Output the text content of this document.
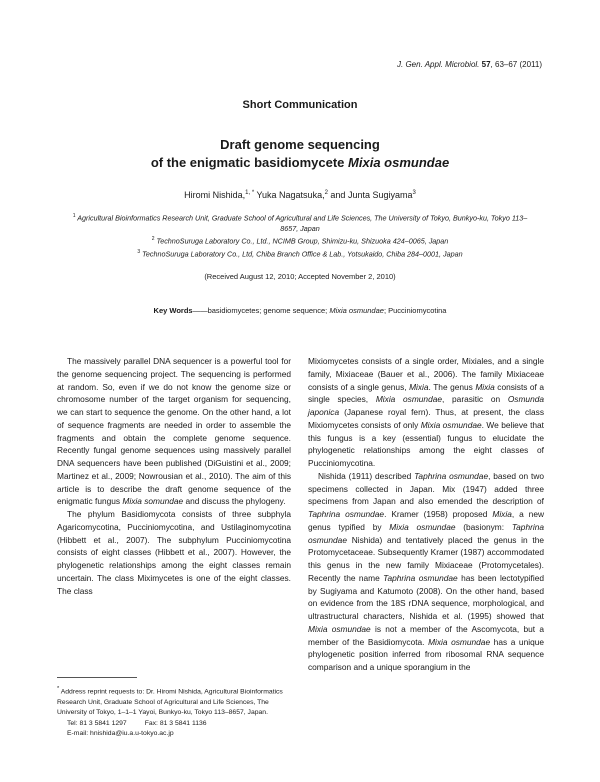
J. Gen. Appl. Microbiol. 57, 63–67 (2011)
Short Communication
Draft genome sequencing
of the enigmatic basidiomycete Mixia osmundae
Hiromi Nishida,$^{1, *}$ Yuka Nagatsuka,$^2$ and Junta Sugiyama$^3$
$^1$ Agricultural Bioinformatics Research Unit, Graduate School of Agricultural and Life Sciences, The University of Tokyo, Bunkyo-ku, Tokyo 113–8657, Japan
$^2$ TechnoSuruga Laboratory Co., Ltd., NCIMB Group, Shimizu-ku, Shizuoka 424–0065, Japan
$^3$ TechnoSuruga Laboratory Co., Ltd, Chiba Branch Office & Lab., Yotsukaido, Chiba 284–0001, Japan
(Received August 12, 2010; Accepted November 2, 2010)
Key Words——basidiomycetes; genome sequence; Mixia osmundae; Pucciniomycotina

The massively parallel DNA sequencer is a powerful tool for the genome sequencing project. The sequencing is performed at random. So, even if we do not know the genome size or chromosome number of the target organism for sequencing, we can start to sequence the genome. On the other hand, a lot of sequence fragments are needed in order to assemble the fragments and obtain the complete genome sequence. Recently fungal genome sequences using massively parallel DNA sequencers have been published (DiGuistini et al., 2009; Martinez et al., 2009; Nowrousian et al., 2010). The aim of this article is to describe the draft genome sequence of the enigmatic fungus Mixia somundae and discuss the phylogeny.

The phylum Basidiomycota consists of three subphyla Agaricomycotina, Pucciniomycotina, and Ustilaginomycotina (Hibbett et al., 2007). The subphylum Pucciniomycotina consists of eight classes (Hibbett et al., 2007). However, the phylogenetic relationships among the eight classes remain uncertain. The class Miximycetes is one of the eight classes. The class

Mixiomycetes consists of a single order, Mixiales, and a single family, Mixiaceae (Bauer et al., 2006). The family Mixiaceae consists of a single genus, Mixia. The genus Mixia consists of a single species, Mixia osmundae, parasitic on Osmunda japonica (Japanese royal fern). Thus, at present, the class Mixiomycetes consists of only Mixia osmundae. We believe that this fungus is a key (essential) fungus to elucidate the phylogenetic relationships among the eight classes of Pucciniomycotina.

Nishida (1911) described Taphrina osmundae, based on two specimens collected in Japan. Mix (1947) added three specimens from Japan and also emended the description of Taphrina osmundae. Kramer (1958) proposed Mixia, a new genus typified by Mixia osmundae (basionym: Taphrina osmundae Nishida) and tentatively placed the genus in the Protomycetaceae. Subsequently Kramer (1987) accommodated this genus in the new family Mixiaceae (Protomycetales). Recently the name Taphrina osmundae has been lectotypified by Sugiyama and Katumoto (2008). On the other hand, based on evidence from the 18S rDNA sequence, morphological, and ultrastructural characters, Nishida et al. (1995) showed that Mixia osmundae is not a member of the Ascomycota, but a member of the Basidiomycota. Mixia osmundae has a unique phylogenetic position inferred from ribosomal RNA sequence comparison and a unique sporangium in the

* Address reprint requests to: Dr. Hiromi Nishida, Agricultural Bioinformatics Research Unit, Graduate School of Agricultural and Life Sciences, The University of Tokyo, 1–1–1 Yayoi, Bunkyo-ku, Tokyo 113–8657, Japan.

Tel: 81 3 5841 1297	Fax: 81 3 5841 1136

E-mail: hnishida@iu.a.u-tokyo.ac.jp
